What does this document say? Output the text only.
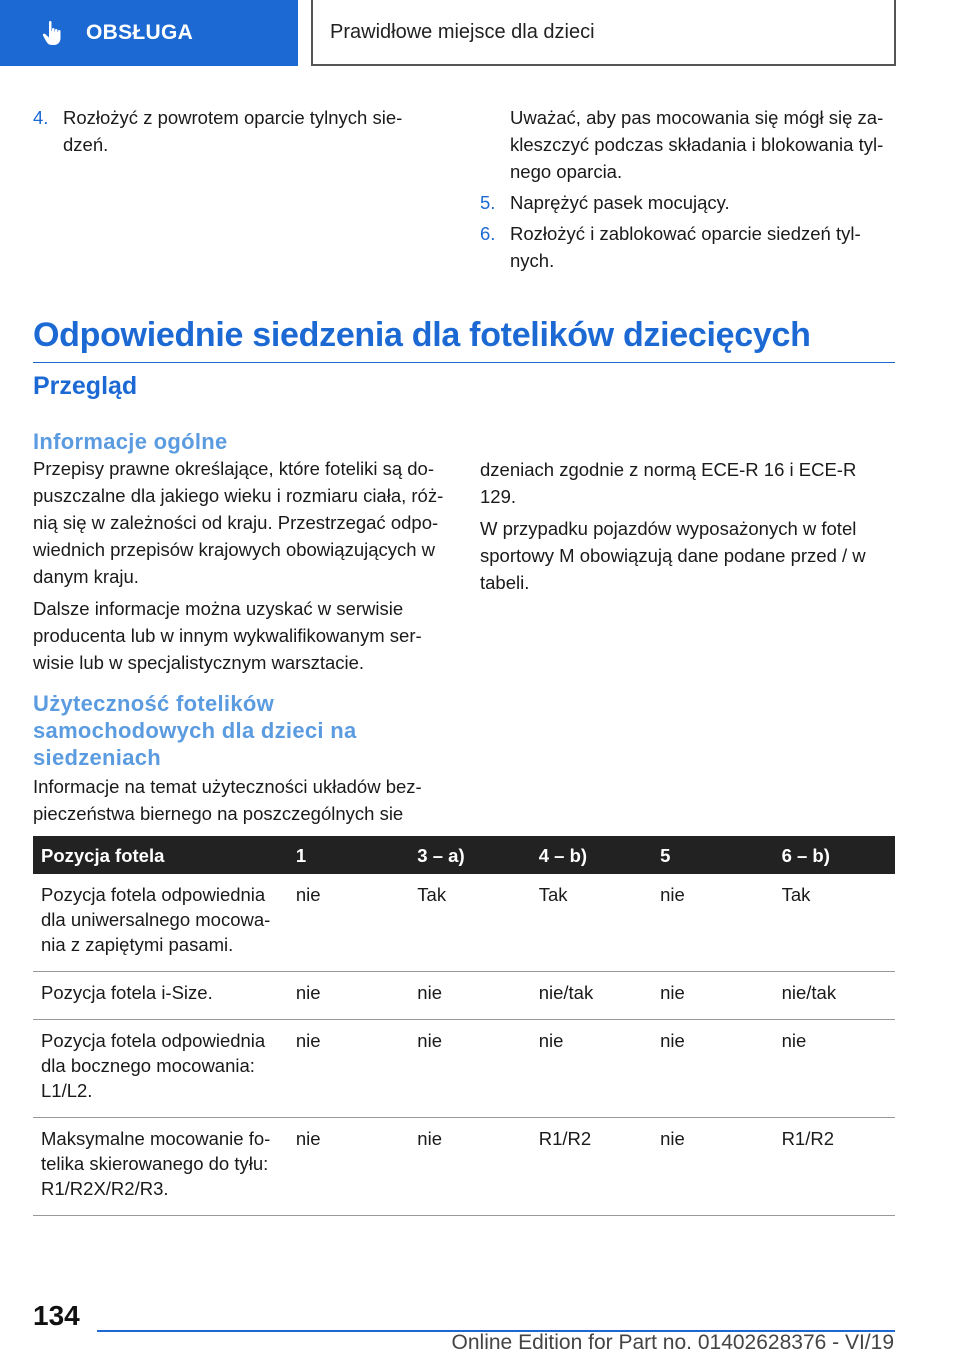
OBSŁUGA	Prawidłowe miejsce dla dzieci
4. Rozłożyć z powrotem oparcie tylnych siedzeń.
Uważać, aby pas mocowania się mógł się zakleszczyć podczas składania i blokowania tylnego oparcia.
5. Naprężyć pasek mocujący.
6. Rozłożyć i zablokować oparcie siedzeń tylnych.
Odpowiednie siedzenia dla fotelików dziecięcych
Przegląd
Informacje ogólne
Przepisy prawne określające, które foteliki są dopuszczalne dla jakiego wieku i rozmiaru ciała, różnią się w zależności od kraju. Przestrzegać odpowiednich przepisów krajowych obowiązujących w danym kraju.
Dalsze informacje można uzyskać w serwisie producenta lub w innym wykwalifikowanym serwisie lub w specjalistycznym warsztacie.
Użyteczność fotelików samochodowych dla dzieci na siedzeniach
Informacje na temat użyteczności układów bezpieczeństwa biernego na poszczególnych sie
dzeniach zgodnie z normą ECE-R 16 i ECE-R 129.
W przypadku pojazdów wyposażonych w fotel sportowy M obowiązują dane podane przed / w tabeli.
Pozycja fotela	1	3 – a)	4 – b)	5	6 – b)
Pozycja fotela odpowiednia dla uniwersalnego mocowania z zapiętymi pasami.	nie	Tak	Tak	nie	Tak
Pozycja fotela i-Size.	nie	nie	nie/tak	nie	nie/tak
Pozycja fotela odpowiednia dla bocznego mocowania: L1/L2.	nie	nie	nie	nie	nie
Maksymalne mocowanie fotelika skierowanego do tyłu: R1/R2X/R2/R3.	nie	nie	R1/R2	nie	R1/R2
134
Online Edition for Part no. 01402628376 - VI/19
